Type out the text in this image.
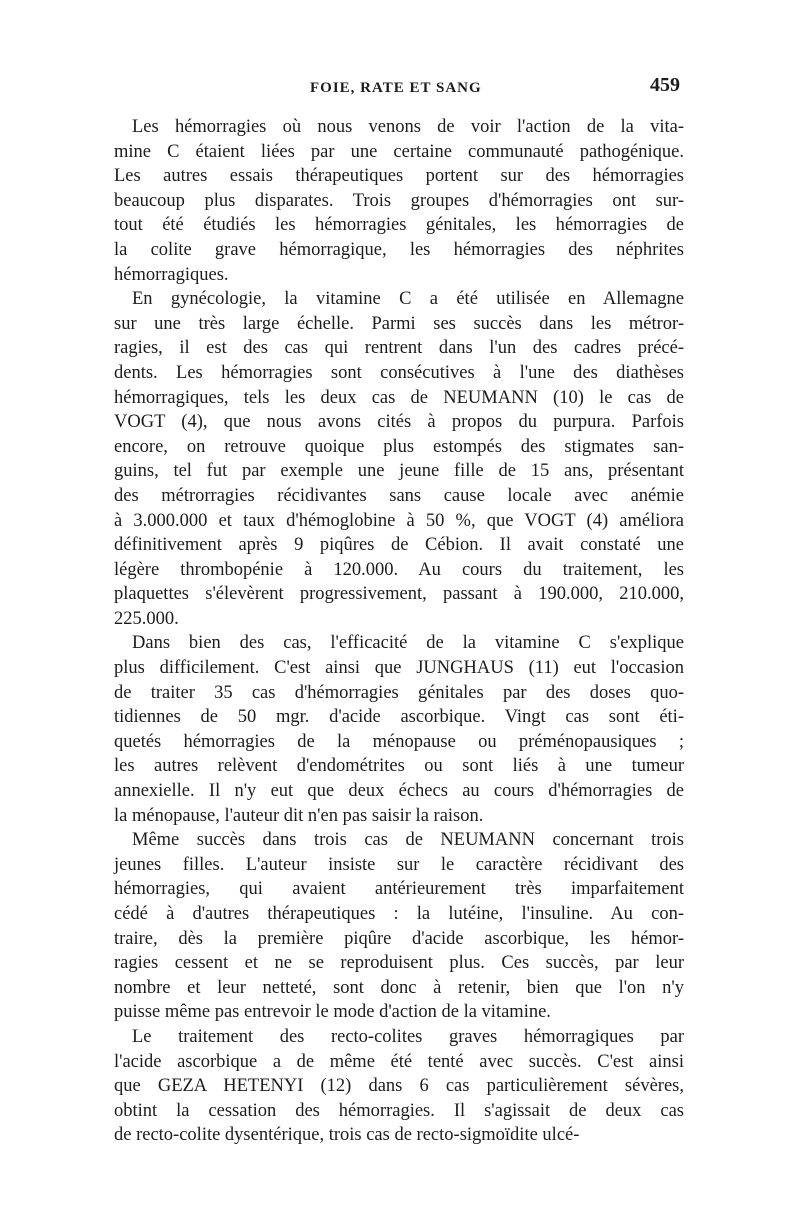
FOIE, RATE ET SANG	459
Les hémorragies où nous venons de voir l'action de la vita-
mine C étaient liées par une certaine communauté pathogénique.
Les autres essais thérapeutiques portent sur des hémorragies
beaucoup plus disparates. Trois groupes d'hémorragies ont sur-
tout été étudiés les hémorragies génitales, les hémorragies de
la colite grave hémorragique, les hémorragies des néphrites
hémorragiques.
En gynécologie, la vitamine C a été utilisée en Allemagne
sur une très large échelle. Parmi ses succès dans les métror-
ragies, il est des cas qui rentrent dans l'un des cadres précé-
dents. Les hémorragies sont consécutives à l'une des diathèses
hémorragiques, tels les deux cas de NEUMANN (10) le cas de
VOGT (4), que nous avons cités à propos du purpura. Parfois
encore, on retrouve quoique plus estompés des stigmates san-
guins, tel fut par exemple une jeune fille de 15 ans, présentant
des métrorragies récidivantes sans cause locale avec anémie
à 3.000.000 et taux d'hémoglobine à 50 %, que VOGT (4) améliora
définitivement après 9 piqûres de Cébion. Il avait constaté une
légère thrombopénie à 120.000. Au cours du traitement, les
plaquettes s'élevèrent progressivement, passant à 190.000, 210.000,
225.000.
Dans bien des cas, l'efficacité de la vitamine C s'explique
plus difficilement. C'est ainsi que JUNGHAUS (11) eut l'occasion
de traiter 35 cas d'hémorragies génitales par des doses quo-
tidiennes de 50 mgr. d'acide ascorbique. Vingt cas sont éti-
quetés hémorragies de la ménopause ou préménopausiques ;
les autres relèvent d'endométrites ou sont liés à une tumeur
annexielle. Il n'y eut que deux échecs au cours d'hémorragies de
la ménopause, l'auteur dit n'en pas saisir la raison.
Même succès dans trois cas de NEUMANN concernant trois
jeunes filles. L'auteur insiste sur le caractère récidivant des
hémorragies, qui avaient antérieurement très imparfaitement
cédé à d'autres thérapeutiques : la lutéine, l'insuline. Au con-
traire, dès la première piqûre d'acide ascorbique, les hémor-
ragies cessent et ne se reproduisent plus. Ces succès, par leur
nombre et leur netteté, sont donc à retenir, bien que l'on n'y
puisse même pas entrevoir le mode d'action de la vitamine.
Le traitement des recto-colites graves hémorragiques par
l'acide ascorbique a de même été tenté avec succès. C'est ainsi
que GEZA HETENYI (12) dans 6 cas particulièrement sévères,
obtint la cessation des hémorragies. Il s'agissait de deux cas
de recto-colite dysentérique, trois cas de recto-sigmoïdite ulcé-
